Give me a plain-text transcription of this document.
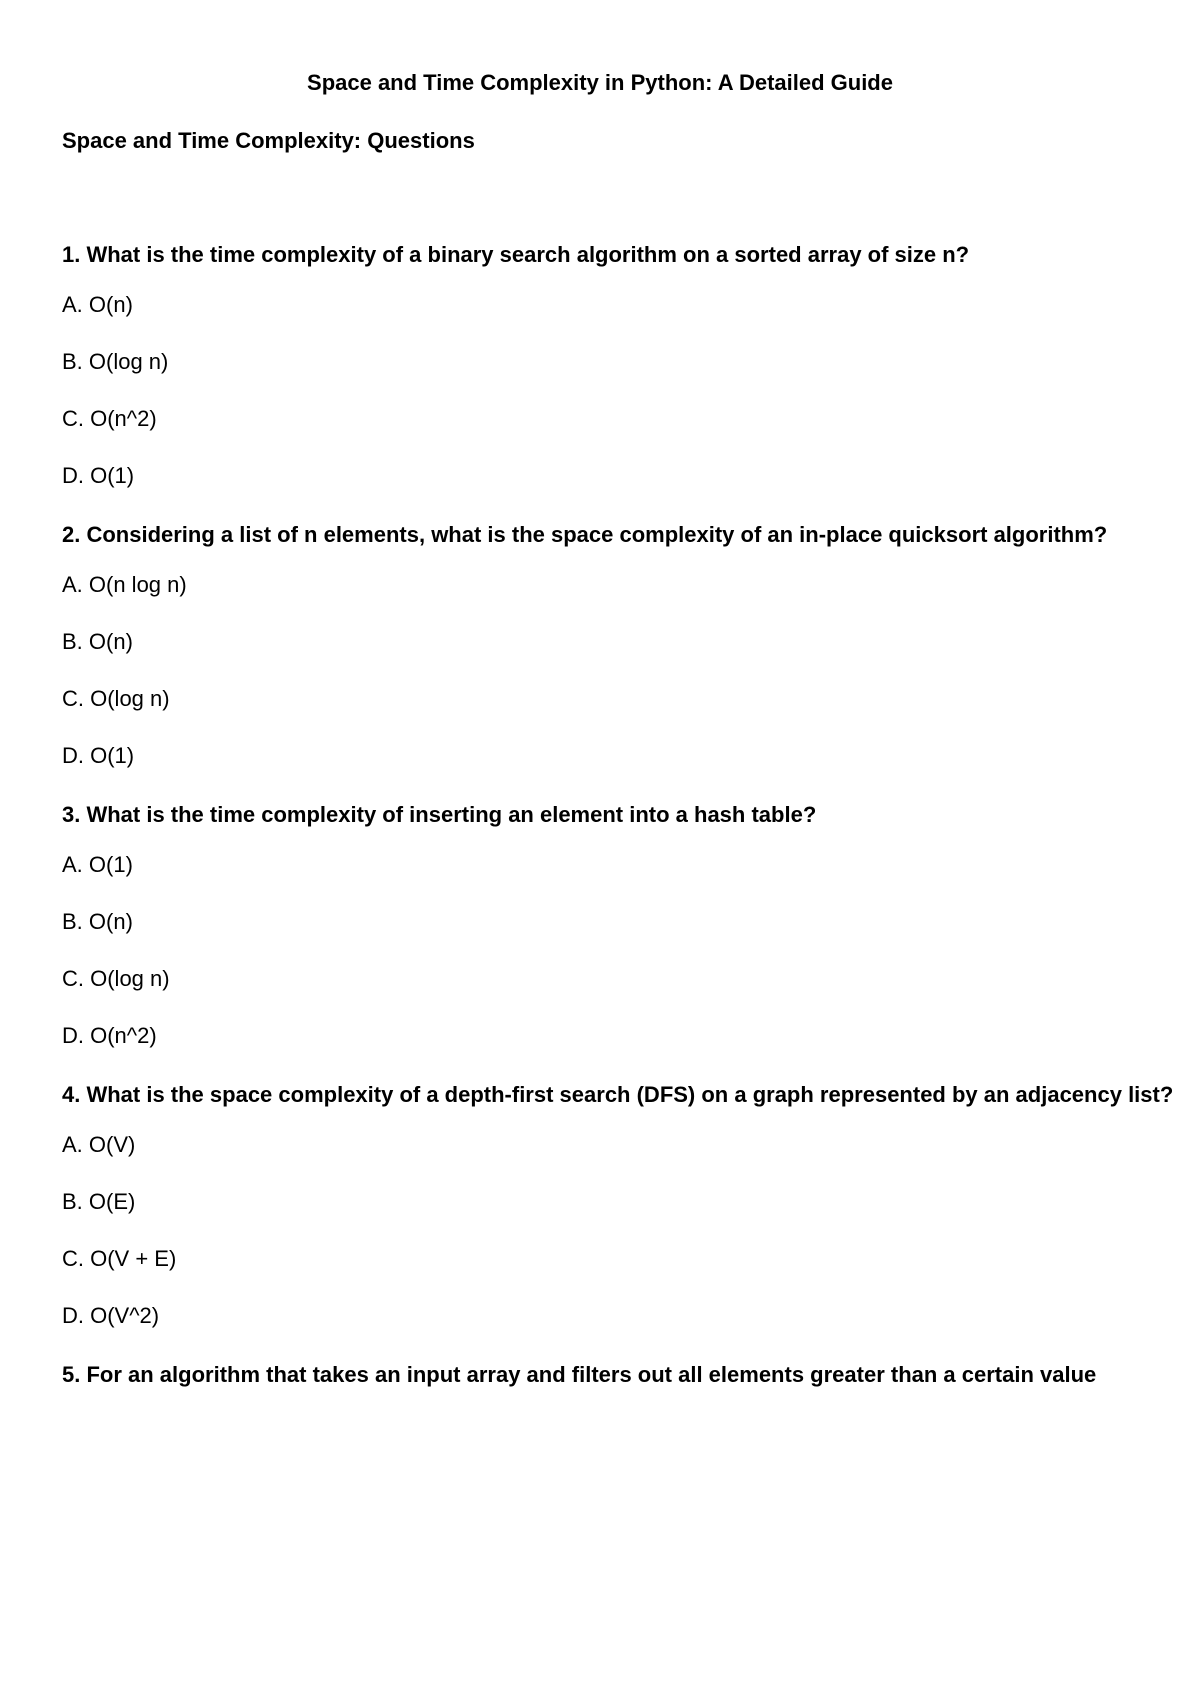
Space and Time Complexity in Python: A Detailed Guide
Space and Time Complexity: Questions
1. What is the time complexity of a binary search algorithm on a sorted array of size n?
A. O(n)
B. O(log n)
C. O(n^2)
D. O(1)
2. Considering a list of n elements, what is the space complexity of an in-place quicksort algorithm?
A. O(n log n)
B. O(n)
C. O(log n)
D. O(1)
3. What is the time complexity of inserting an element into a hash table?
A. O(1)
B. O(n)
C. O(log n)
D. O(n^2)
4. What is the space complexity of a depth-first search (DFS) on a graph represented by an adjacency list?
A. O(V)
B. O(E)
C. O(V + E)
D. O(V^2)
5. For an algorithm that takes an input array and filters out all elements greater than a certain value
